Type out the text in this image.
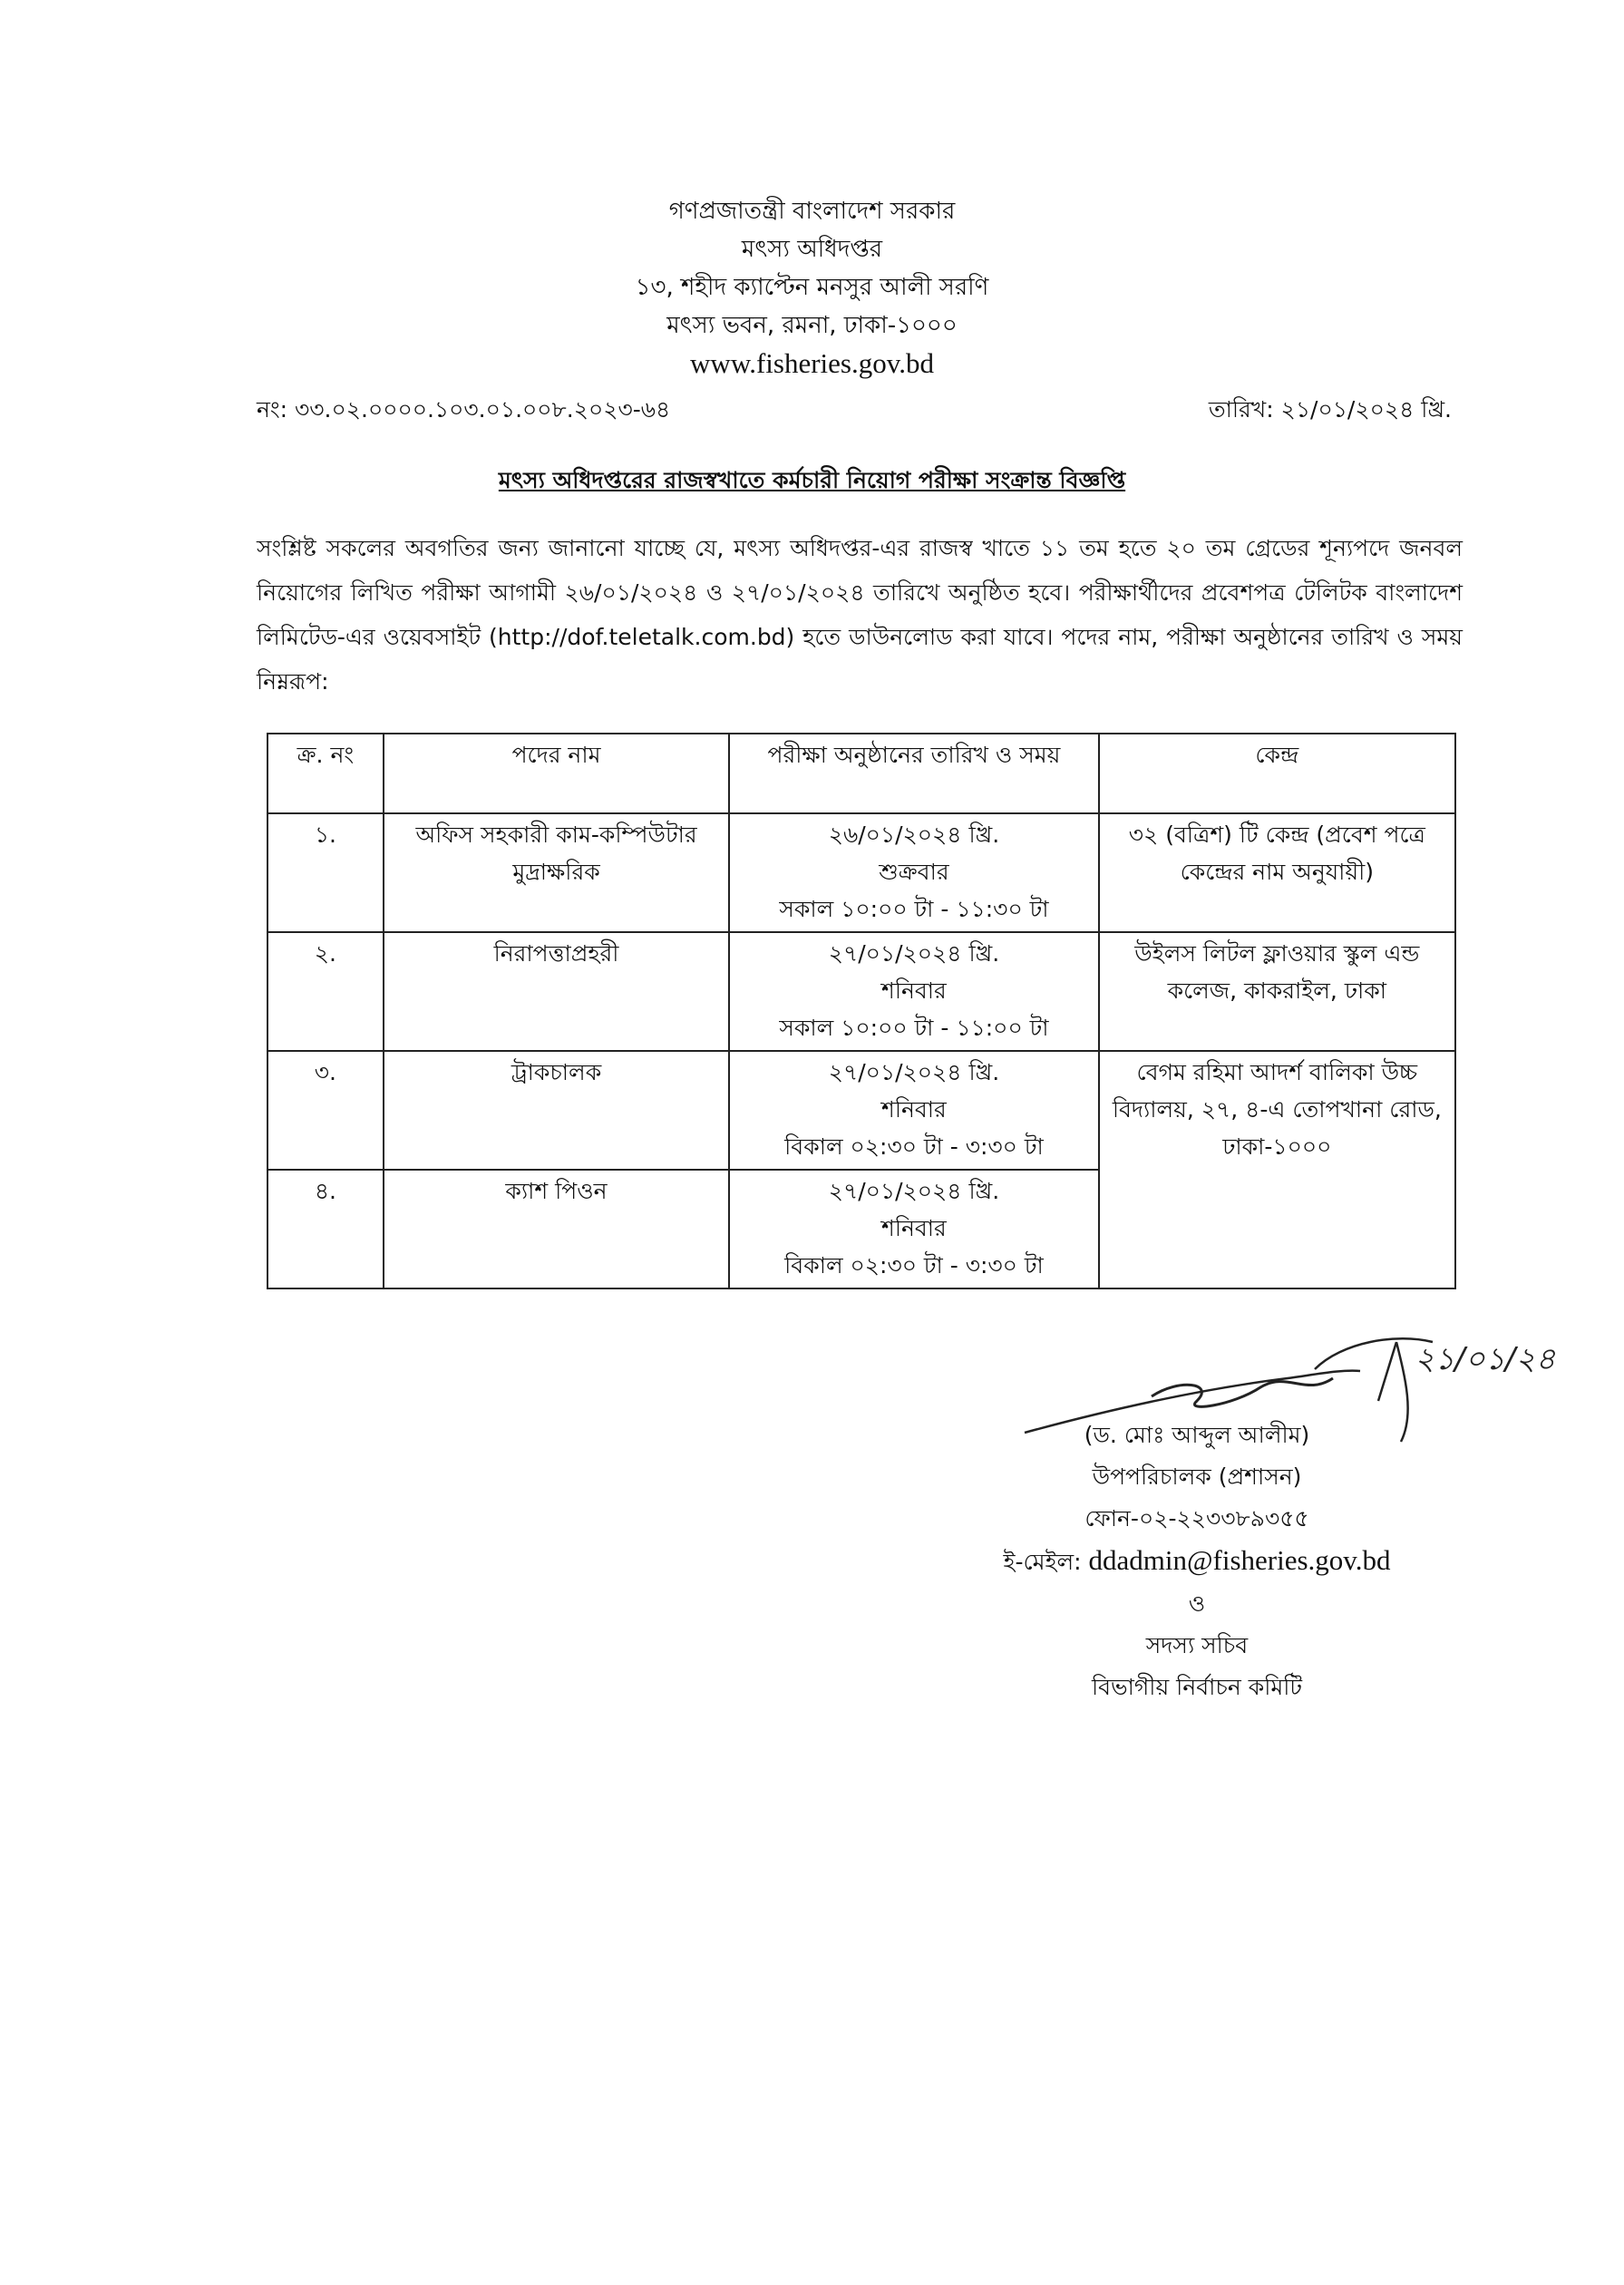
গণপ্রজাতন্ত্রী বাংলাদেশ সরকার
মৎস্য অধিদপ্তর
১৩, শহীদ ক্যাপ্টেন মনসুর আলী সরণি
মৎস্য ভবন, রমনা, ঢাকা-১০০০
www.fisheries.gov.bd
নং: ৩৩.০২.০০০০.১০৩.০১.০০৮.২০২৩-৬৪	তারিখ: ২১/০১/২০২৪ খ্রি.
মৎস্য অধিদপ্তরের রাজস্বখাতে কর্মচারী নিয়োগ পরীক্ষা সংক্রান্ত বিজ্ঞপ্তি
সংশ্লিষ্ট সকলের অবগতির জন্য জানানো যাচ্ছে যে, মৎস্য অধিদপ্তর-এর রাজস্ব খাতে ১১ তম হতে ২০ তম গ্রেডের শূন্যপদে জনবল নিয়োগের লিখিত পরীক্ষা আগামী ২৬/০১/২০২৪ ও ২৭/০১/২০২৪ তারিখে অনুষ্ঠিত হবে। পরীক্ষার্থীদের প্রবেশপত্র টেলিটক বাংলাদেশ লিমিটেড-এর ওয়েবসাইট (http://dof.teletalk.com.bd) হতে ডাউনলোড করা যাবে। পদের নাম, পরীক্ষা অনুষ্ঠানের তারিখ ও সময় নিম্নরূপ:
ক্র. নং	পদের নাম	পরীক্ষা অনুষ্ঠানের তারিখ ও সময়	কেন্দ্র
১.	অফিস সহকারী কাম-কম্পিউটার মুদ্রাক্ষরিক	২৬/০১/২০২৪ খ্রি.
শুক্রবার
সকাল ১০:০০ টা - ১১:৩০ টা	৩২ (বত্রিশ) টি কেন্দ্র (প্রবেশ পত্রে কেন্দ্রের নাম অনুযায়ী)
২.	নিরাপত্তাপ্রহরী	২৭/০১/২০২৪ খ্রি.
শনিবার
সকাল ১০:০০ টা - ১১:০০ টা	উইলস লিটল ফ্লাওয়ার স্কুল এন্ড কলেজ, কাকরাইল, ঢাকা
৩.	ট্রাকচালক	২৭/০১/২০২৪ খ্রি.
শনিবার
বিকাল ০২:৩০ টা - ৩:৩০ টা	বেগম রহিমা আদর্শ বালিকা উচ্চ বিদ্যালয়, ২৭, ৪-এ তোপখানা রোড, ঢাকা-১০০০
৪.	ক্যাশ পিওন	২৭/০১/২০২৪ খ্রি.
শনিবার
বিকাল ০২:৩০ টা - ৩:৩০ টা	
২১/০১/২৪
(ড. মোঃ আব্দুল আলীম)
উপপরিচালক (প্রশাসন)
ফোন-০২-২২৩৩৮৯৩৫৫
ই-মেইল: ddadmin@fisheries.gov.bd
ও
সদস্য সচিব
বিভাগীয় নির্বাচন কমিটি
